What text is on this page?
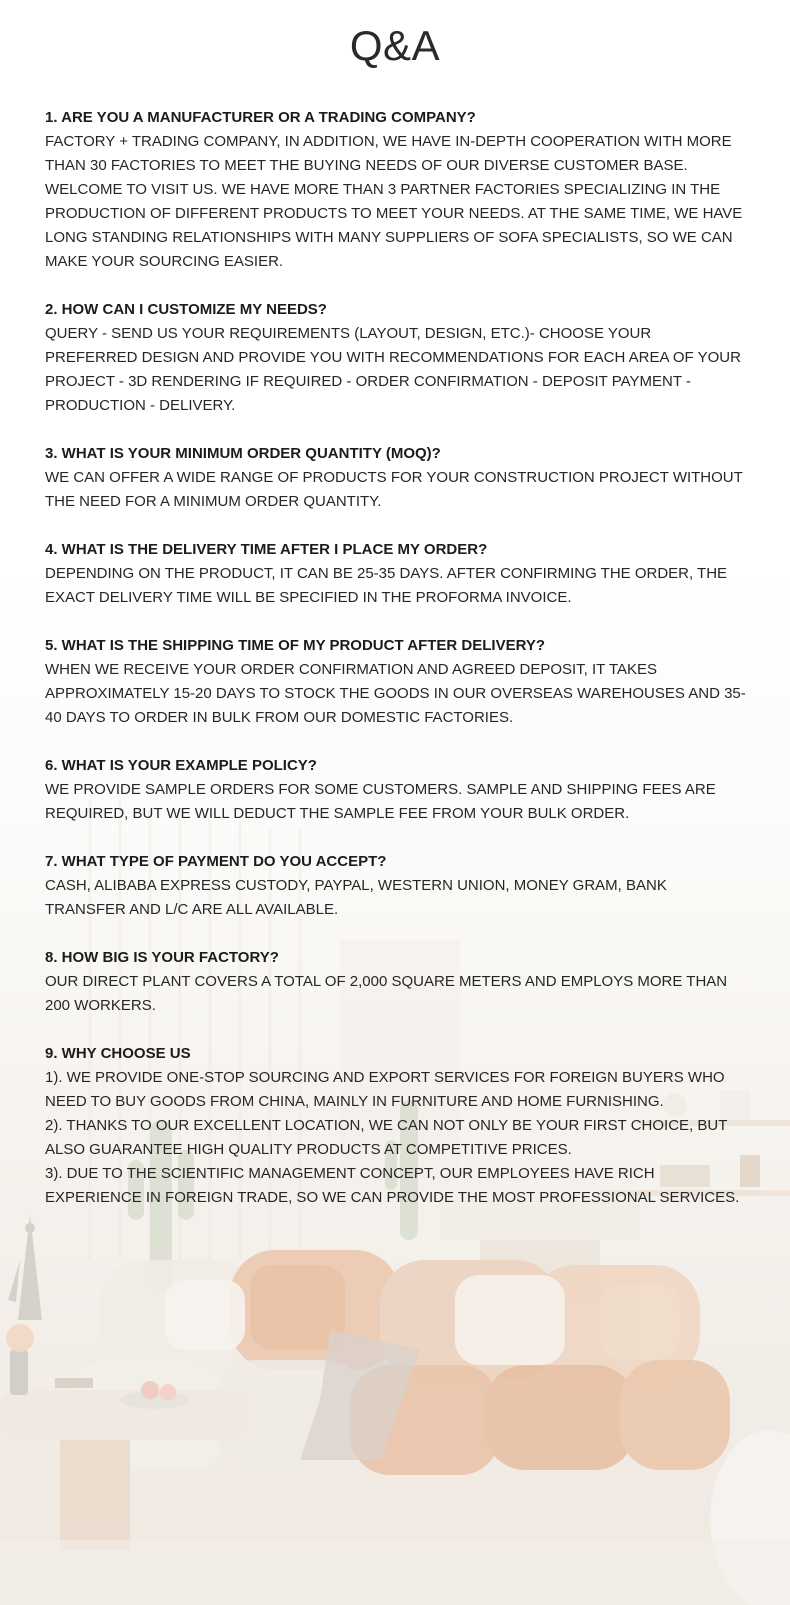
Q&A

1. ARE YOU A MANUFACTURER OR A TRADING COMPANY?

FACTORY + TRADING COMPANY, IN ADDITION, WE HAVE IN-DEPTH COOPERATION WITH MORE THAN 30 FACTORIES TO MEET THE BUYING NEEDS OF OUR DIVERSE CUSTOMER BASE. WELCOME TO VISIT US. WE HAVE MORE THAN 3 PARTNER FACTORIES SPECIALIZING IN THE PRODUCTION OF DIFFERENT PRODUCTS TO MEET YOUR NEEDS. AT THE SAME TIME, WE HAVE LONG STANDING RELATIONSHIPS WITH MANY SUPPLIERS OF SOFA SPECIALISTS, SO WE CAN MAKE YOUR SOURCING EASIER.

2. HOW CAN I CUSTOMIZE MY NEEDS?

QUERY - SEND US YOUR REQUIREMENTS (LAYOUT, DESIGN, ETC.)- CHOOSE YOUR PREFERRED DESIGN AND PROVIDE YOU WITH RECOMMENDATIONS FOR EACH AREA OF YOUR PROJECT - 3D RENDERING IF REQUIRED - ORDER CONFIRMATION - DEPOSIT PAYMENT - PRODUCTION - DELIVERY.

3. WHAT IS YOUR MINIMUM ORDER QUANTITY (MOQ)?

WE CAN OFFER A WIDE RANGE OF PRODUCTS FOR YOUR CONSTRUCTION PROJECT WITHOUT THE NEED FOR A MINIMUM ORDER QUANTITY.

4. WHAT IS THE DELIVERY TIME AFTER I PLACE MY ORDER?

DEPENDING ON THE PRODUCT, IT CAN BE 25-35 DAYS. AFTER CONFIRMING THE ORDER, THE EXACT DELIVERY TIME WILL BE SPECIFIED IN THE PROFORMA INVOICE.

5. WHAT IS THE SHIPPING TIME OF MY PRODUCT AFTER DELIVERY?

WHEN WE RECEIVE YOUR ORDER CONFIRMATION AND AGREED DEPOSIT, IT TAKES APPROXIMATELY 15-20 DAYS TO STOCK THE GOODS IN OUR OVERSEAS WAREHOUSES AND 35-40 DAYS TO ORDER IN BULK FROM OUR DOMESTIC FACTORIES.

6. WHAT IS YOUR EXAMPLE POLICY?

WE PROVIDE SAMPLE ORDERS FOR SOME CUSTOMERS. SAMPLE AND SHIPPING FEES ARE REQUIRED, BUT WE WILL DEDUCT THE SAMPLE FEE FROM YOUR BULK ORDER.

7. WHAT TYPE OF PAYMENT DO YOU ACCEPT?

CASH, ALIBABA EXPRESS CUSTODY, PAYPAL, WESTERN UNION, MONEY GRAM, BANK TRANSFER AND L/C ARE ALL AVAILABLE.

8. HOW BIG IS YOUR FACTORY?

OUR DIRECT PLANT COVERS A TOTAL OF 2,000 SQUARE METERS AND EMPLOYS MORE THAN 200 WORKERS.

9. WHY CHOOSE US

1). WE PROVIDE ONE-STOP SOURCING AND EXPORT SERVICES FOR FOREIGN BUYERS WHO NEED TO BUY GOODS FROM CHINA, MAINLY IN FURNITURE AND HOME FURNISHING.

2). THANKS TO OUR EXCELLENT LOCATION, WE CAN NOT ONLY BE YOUR FIRST CHOICE, BUT ALSO GUARANTEE HIGH QUALITY PRODUCTS AT COMPETITIVE PRICES.

3). DUE TO THE SCIENTIFIC MANAGEMENT CONCEPT, OUR EMPLOYEES HAVE RICH EXPERIENCE IN FOREIGN TRADE, SO WE CAN PROVIDE THE MOST PROFESSIONAL SERVICES.
